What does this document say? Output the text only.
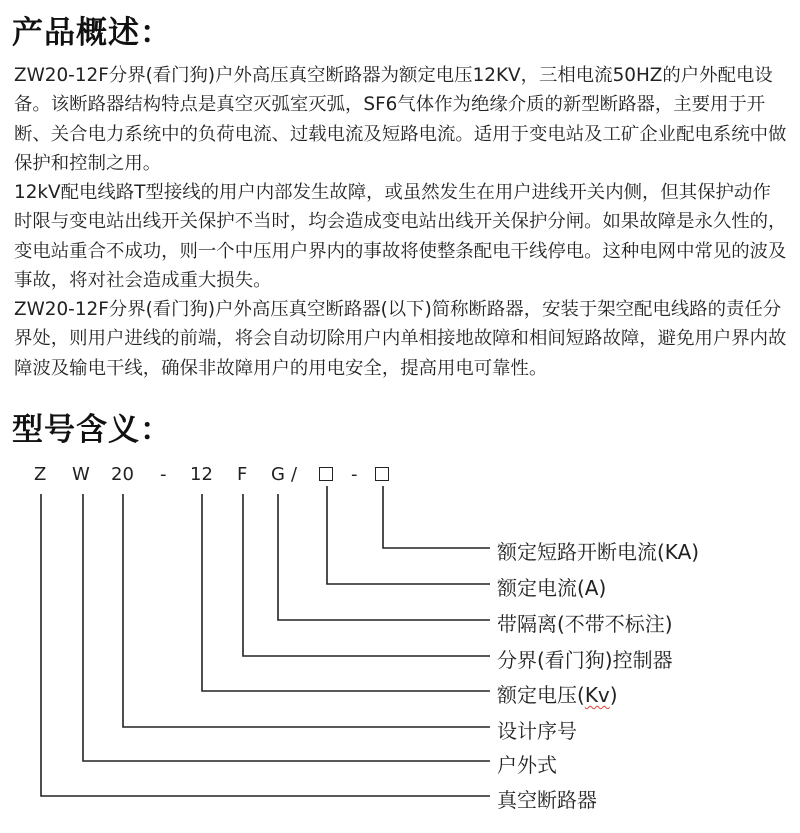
产品概述：

ZW20-12F分界(看门狗)户外高压真空断路器为额定电压12KV，三相电流50HZ的户外配电设备。该断路器结构特点是真空灭弧室灭弧，SF6气体作为绝缘介质的新型断路器，主要用于开断、关合电力系统中的负荷电流、过载电流及短路电流。适用于变电站及工矿企业配电系统中做保护和控制之用。

12kV配电线路T型接线的用户内部发生故障，或虽然发生在用户进线开关内侧，但其保护动作时限与变电站出线开关保护不当时，均会造成变电站出线开关保护分闸。如果故障是永久性的，变电站重合不成功，则一个中压用户界内的事故将使整条配电干线停电。这种电网中常见的波及事故，将对社会造成重大损失。

ZW20-12F分界(看门狗)户外高压真空断路器(以下)简称断路器，安装于架空配电线路的责任分界处，则用户进线的前端，将会自动切除用户内单相接地故障和相间短路故障，避免用户界内故障波及输电干线，确保非故障用户的用电安全，提高用电可靠性。

型号含义：
Z W 20 - 12 F G /	-
额定短路开断电流(KA)
额定电流(A)
带隔离(不带不标注)
分界(看门狗)控制器
额定电压(Kv)
设计序号
户外式
真空断路器
